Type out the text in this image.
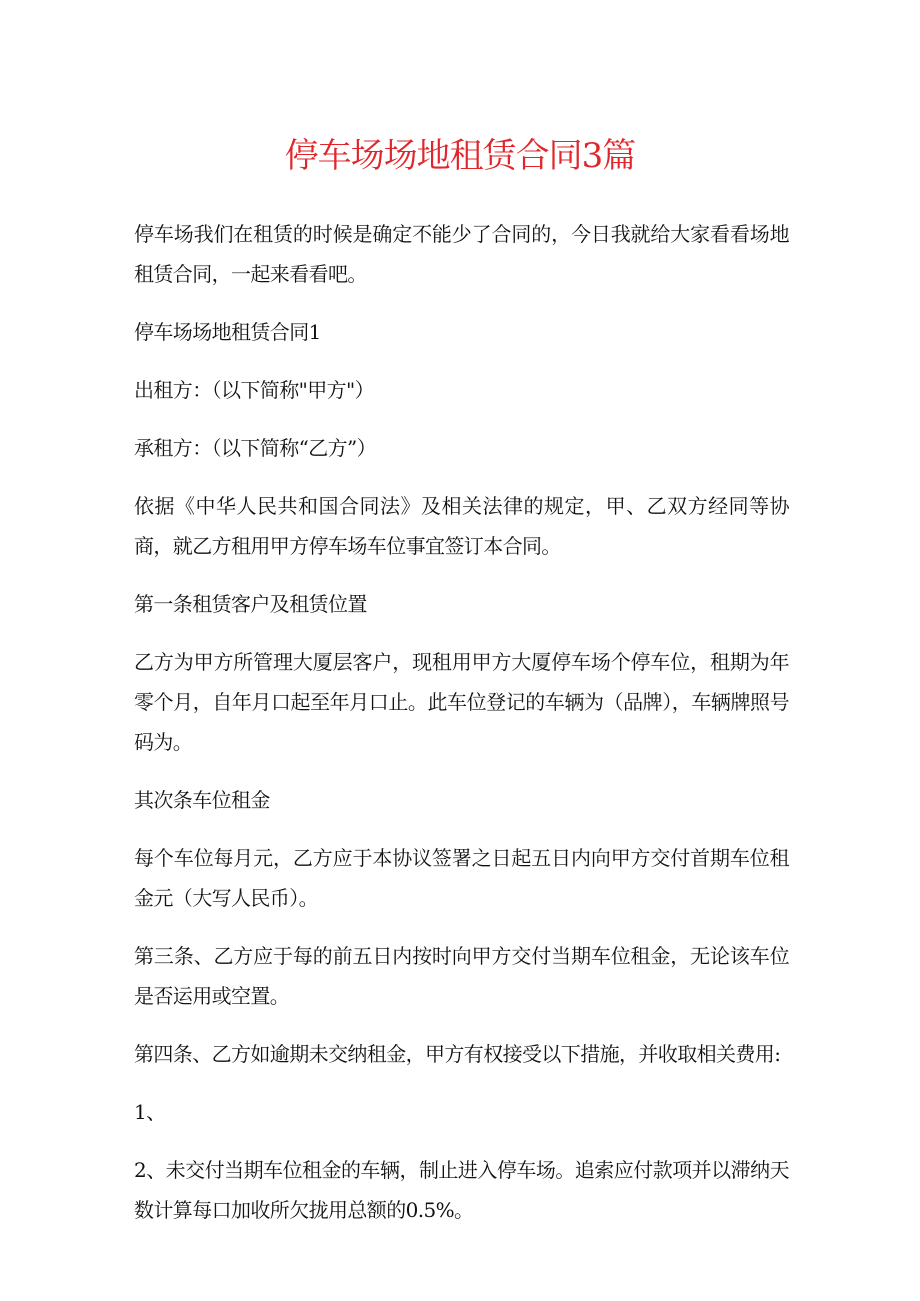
停车场场地租赁合同3篇

停车场我们在租赁的时候是确定不能少了合同的，今日我就给大家看看场地租赁合同，一起来看看吧。

停车场场地租赁合同1

出租方：（以下简称"甲方"）

承租方：（以下简称“乙方”）

依据《中华人民共和国合同法》及相关法律的规定，甲、乙双方经同等协商，就乙方租用甲方停车场车位事宜签订本合同。

第一条租赁客户及租赁位置

乙方为甲方所管理大厦层客户，现租用甲方大厦停车场个停车位，租期为年零个月，自年月口起至年月口止。此车位登记的车辆为（品牌），车辆牌照号码为。

其次条车位租金

每个车位每月元，乙方应于本协议签署之日起五日内向甲方交付首期车位租金元（大写人民币）。

第三条、乙方应于每的前五日内按时向甲方交付当期车位租金，无论该车位是否运用或空置。

第四条、乙方如逾期未交纳租金，甲方有权接受以下措施，并收取相关费用:

1、

2、未交付当期车位租金的车辆，制止进入停车场。追索应付款项并以滞纳天数计算每口加收所欠拢用总额的0.5%。
